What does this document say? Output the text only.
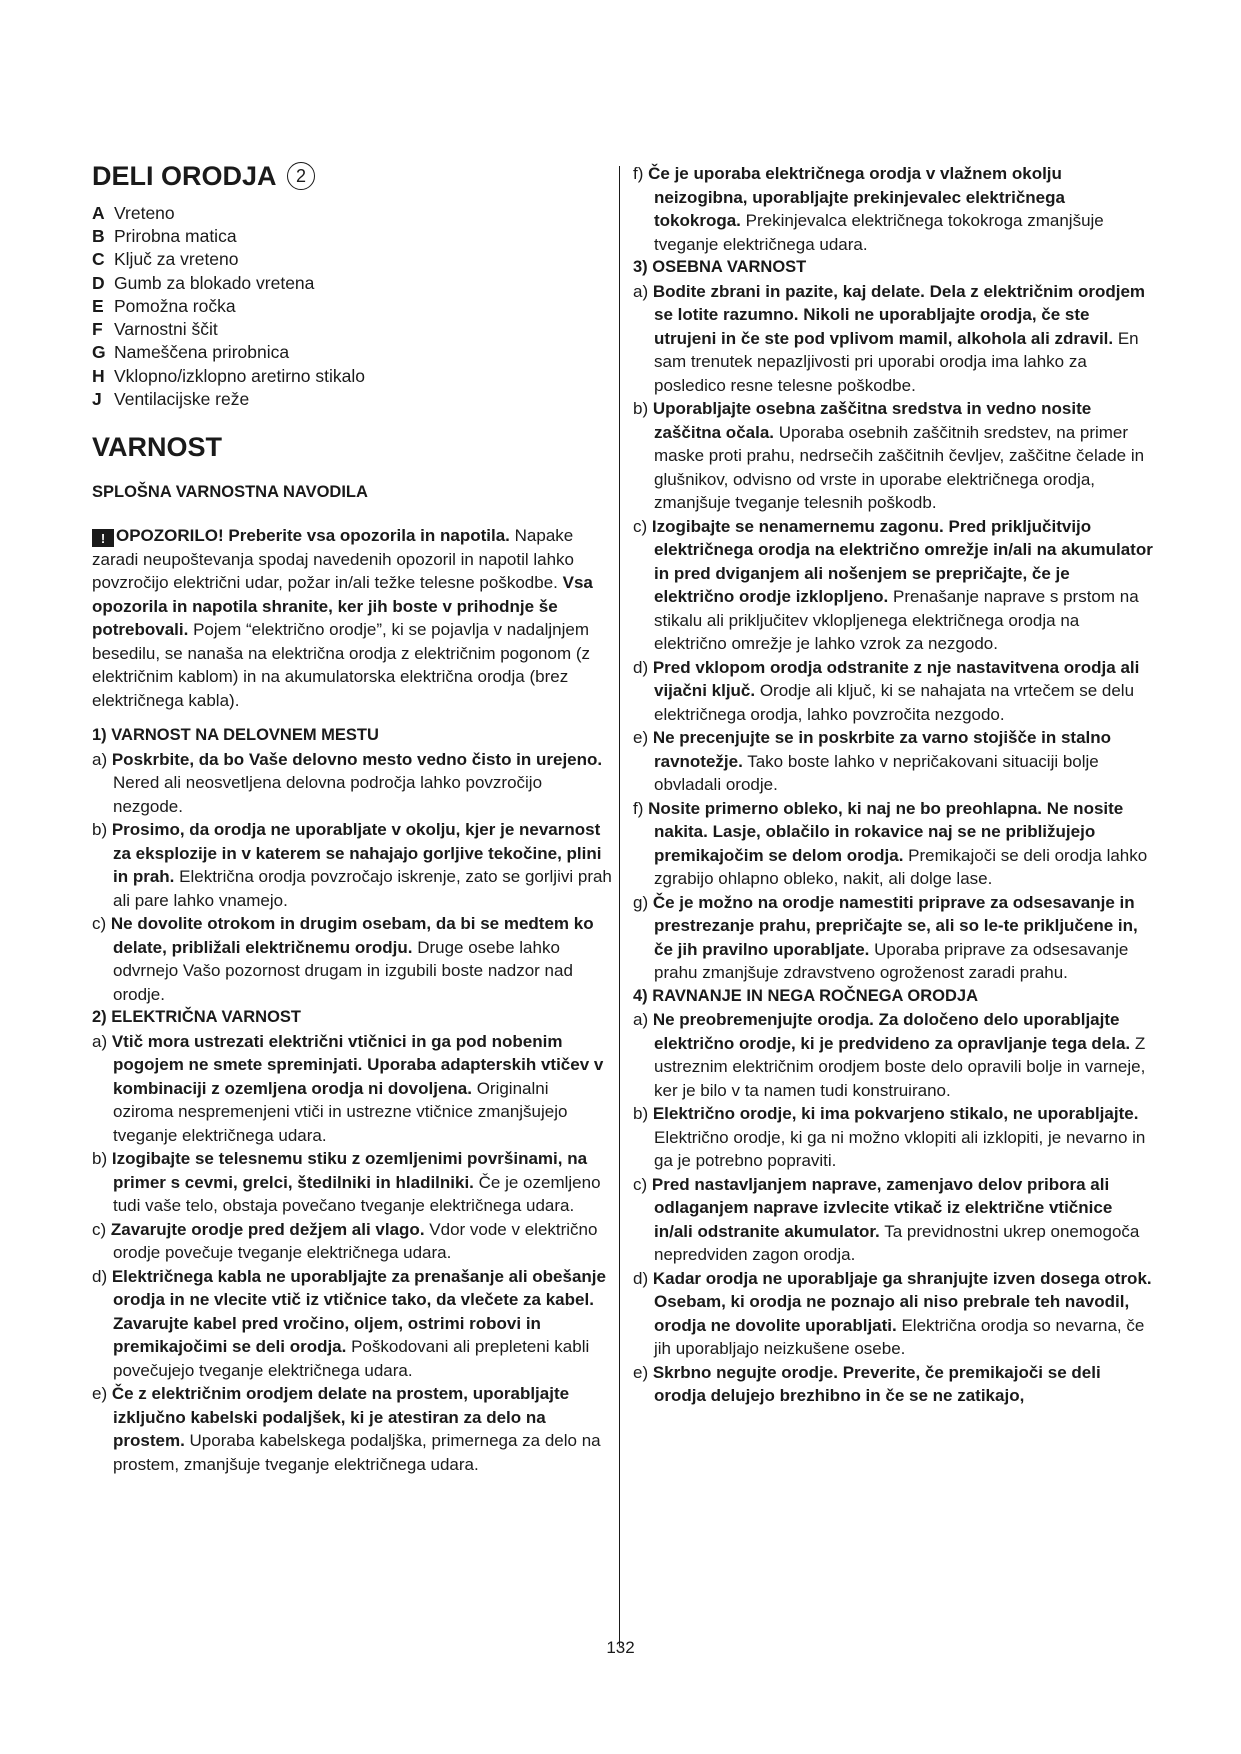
DELI ORODJA 2
A Vreteno
B Prirobna matica
C Ključ za vreteno
D Gumb za blokado vretena
E Pomožna ročka
F Varnostni ščit
G Nameščena prirobnica
H Vklopno/izklopno aretirno stikalo
J Ventilacijske reže
VARNOST
SPLOŠNA VARNOSTNA NAVODILA

! OPOZORILO! Preberite vsa opozorila in napotila. Napake zaradi neupoštevanja spodaj navedenih opozoril in napotil lahko povzročijo električni udar, požar in/ali težke telesne poškodbe. Vsa opozorila in napotila shranite, ker jih boste v prihodnje še potrebovali. Pojem “električno orodje”, ki se pojavlja v nadaljnjem besedilu, se nanaša na električna orodja z električnim pogonom (z električnim kablom) in na akumulatorska električna orodja (brez električnega kabla).

1) VARNOST NA DELOVNEM MESTU
a) Poskrbite, da bo Vaše delovno mesto vedno čisto in urejeno. Nered ali neosvetljena delovna področja lahko povzročijo nezgode.
b) Prosimo, da orodja ne uporabljate v okolju, kjer je nevarnost za eksplozije in v katerem se nahajajo gorljive tekočine, plini in prah. Električna orodja povzročajo iskrenje, zato se gorljivi prah ali pare lahko vnamejo.
c) Ne dovolite otrokom in drugim osebam, da bi se medtem ko delate, približali električnemu orodju. Druge osebe lahko odvrnejo Vašo pozornost drugam in izgubili boste nadzor nad orodje.
2) ELEKTRIČNA VARNOST
a) Vtič mora ustrezati električni vtičnici in ga pod nobenim pogojem ne smete spreminjati. Uporaba adapterskih vtičev v kombinaciji z ozemljena orodja ni dovoljena. Originalni oziroma nespremenjeni vtiči in ustrezne vtičnice zmanjšujejo tveganje električnega udara.
b) Izogibajte se telesnemu stiku z ozemljenimi površinami, na primer s cevmi, grelci, štedilniki in hladilniki. Če je ozemljeno tudi vaše telo, obstaja povečano tveganje električnega udara.
c) Zavarujte orodje pred dežjem ali vlago. Vdor vode v električno orodje povečuje tveganje električnega udara.
d) Električnega kabla ne uporabljajte za prenašanje ali obešanje orodja in ne vlecite vtič iz vtičnice tako, da vlečete za kabel. Zavarujte kabel pred vročino, oljem, ostrimi robovi in premikajočimi se deli orodja. Poškodovani ali prepleteni kabli povečujejo tveganje električnega udara.
e) Če z električnim orodjem delate na prostem, uporabljajte izključno kabelski podaljšek, ki je atestiran za delo na prostem. Uporaba kabelskega podaljška, primernega za delo na prostem, zmanjšuje tveganje električnega udara.
f) Če je uporaba električnega orodja v vlažnem okolju neizogibna, uporabljajte prekinjevalec električnega tokokroga. Prekinjevalca električnega tokokroga zmanjšuje tveganje električnega udara.
3) OSEBNA VARNOST
a) Bodite zbrani in pazite, kaj delate. Dela z električnim orodjem se lotite razumno. Nikoli ne uporabljajte orodja, če ste utrujeni in če ste pod vplivom mamil, alkohola ali zdravil. En sam trenutek nepazljivosti pri uporabi orodja ima lahko za posledico resne telesne poškodbe.
b) Uporabljajte osebna zaščitna sredstva in vedno nosite zaščitna očala. Uporaba osebnih zaščitnih sredstev, na primer maske proti prahu, nedrsečih zaščitnih čevljev, zaščitne čelade in glušnikov, odvisno od vrste in uporabe električnega orodja, zmanjšuje tveganje telesnih poškodb.
c) Izogibajte se nenamernemu zagonu. Pred priključitvijo električnega orodja na električno omrežje in/ali na akumulator in pred dviganjem ali nošenjem se prepričajte, če je električno orodje izklopljeno. Prenašanje naprave s prstom na stikalu ali priključitev vklopljenega električnega orodja na električno omrežje je lahko vzrok za nezgodo.
d) Pred vklopom orodja odstranite z nje nastavitvena orodja ali vijačni ključ. Orodje ali ključ, ki se nahajata na vrtečem se delu električnega orodja, lahko povzročita nezgodo.
e) Ne precenjujte se in poskrbite za varno stojišče in stalno ravnotežje. Tako boste lahko v nepričakovani situaciji bolje obvladali orodje.
f) Nosite primerno obleko, ki naj ne bo preohlapna. Ne nosite nakita. Lasje, oblačilo in rokavice naj se ne približujejo premikajočim se delom orodja. Premikajoči se deli orodja lahko zgrabijo ohlapno obleko, nakit, ali dolge lase.
g) Če je možno na orodje namestiti priprave za odsesavanje in prestrezanje prahu, prepričajte se, ali so le-te priključene in, če jih pravilno uporabljate. Uporaba priprave za odsesavanje prahu zmanjšuje zdravstveno ogroženost zaradi prahu.
4) RAVNANJE IN NEGA ROČNEGA ORODJA
a) Ne preobremenjujte orodja. Za določeno delo uporabljajte električno orodje, ki je predvideno za opravljanje tega dela. Z ustreznim električnim orodjem boste delo opravili bolje in varneje, ker je bilo v ta namen tudi konstruirano.
b) Električno orodje, ki ima pokvarjeno stikalo, ne uporabljajte. Električno orodje, ki ga ni možno vklopiti ali izklopiti, je nevarno in ga je potrebno popraviti.
c) Pred nastavljanjem naprave, zamenjavo delov pribora ali odlaganjem naprave izvlecite vtikač iz električne vtičnice in/ali odstranite akumulator. Ta previdnostni ukrep onemogoča nepredviden zagon orodja.
d) Kadar orodja ne uporabljaje ga shranjujte izven dosega otrok. Osebam, ki orodja ne poznajo ali niso prebrale teh navodil, orodja ne dovolite uporabljati. Električna orodja so nevarna, če jih uporabljajo neizkušene osebe.
e) Skrbno negujte orodje. Preverite, če premikajoči se deli orodja delujejo brezhibno in če se ne zatikajo,
132
